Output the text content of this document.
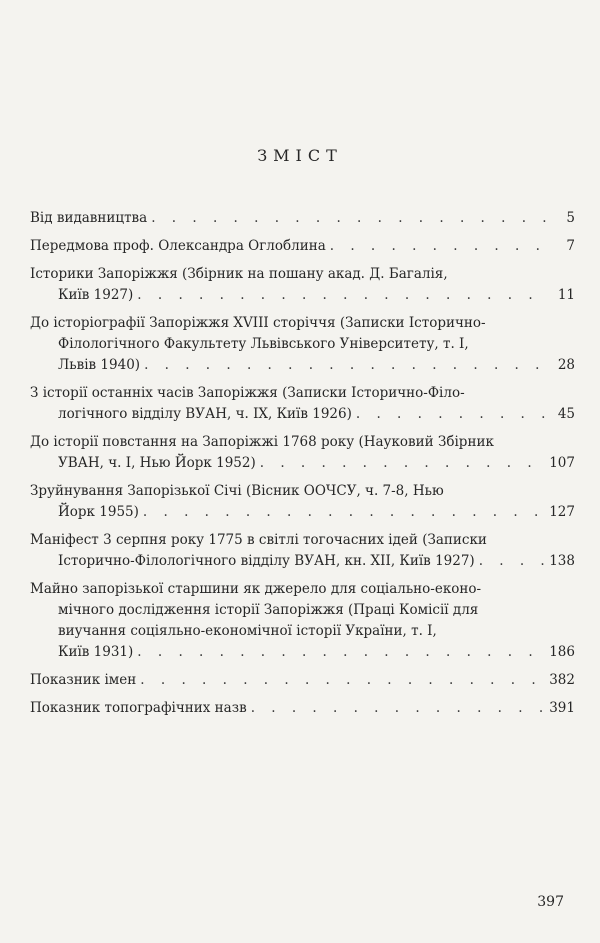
ЗМІСТ
Від видавництва . . .	5
Передмова проф. Олександра Оглоблина . . .	7
Історики Запоріжжя (Збірник на пошану акад. Д. Багалія,
Київ 1927) . . .	11
До історіографії Запоріжжя XVIII сторіччя (Записки Історично-
Філологічного Факультету Львівського Університету, т. І,
Львів 1940) . . .	28
З історії останніх часів Запоріжжя (Записки Історично-Філо-
логічного відділу ВУАН, ч. IX, Київ 1926) . . .	45
До історії повстання на Запоріжжі 1768 року (Науковий Збірник
УВАН, ч. І, Нью Йорк 1952) . . .	107
Зруйнування Запорізької Січі (Вісник ООЧСУ, ч. 7-8, Нью
Йорк 1955) . . .	127
Маніфест 3 серпня року 1775 в світлі тогочасних ідей (Записки
Історично-Філологічного відділу ВУАН, кн. XII, Київ 1927) . . .	138
Майно запорізької старшини як джерело для соціально-еконо-
мічного дослідження історії Запоріжжя (Праці Комісії для
виучання соціяльно-економічної історії України, т. І,
Київ 1931) . . .	186
Показник імен . . .	382
Показник топографічних назв . . .	391
397
